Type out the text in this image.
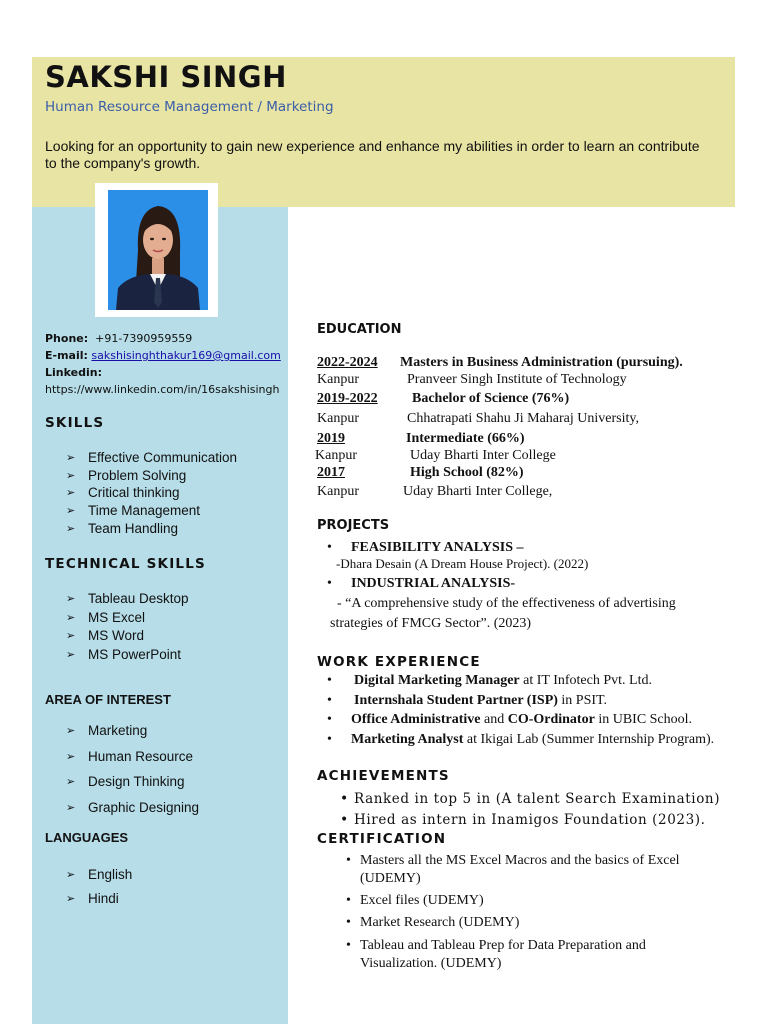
SAKSHI SINGH
Human Resource Management / Marketing
Looking for an opportunity to gain new experience and enhance my abilities in order to learn an contribute to the company's growth.
Phone: +91-7390959559
E-mail: sakshisinghthakur169@gmail.com
Linkedin:
https://www.linkedin.com/in/16sakshisingh
SKILLS
➢ Effective Communication
➢ Problem Solving
➢ Critical thinking
➢ Time Management
➢ Team Handling
TECHNICAL SKILLS
➢ Tableau Desktop
➢ MS Excel
➢ MS Word
➢ MS PowerPoint
AREA OF INTEREST
➢ Marketing
➢ Human Resource
➢ Design Thinking
➢ Graphic Designing
LANGUAGES
➢ English
➢ Hindi
EDUCATION
2022-2024 Masters in Business Administration (pursuing).
Kanpur	Pranveer Singh Institute of Technology
2019-2022 Bachelor of Science (76%)
Kanpur	Chhatrapati Shahu Ji Maharaj University,
2019	Intermediate (66%)
Kanpur	Uday Bharti Inter College
2017	High School (82%)
Kanpur	Uday Bharti Inter College,
PROJECTS
• FEASIBILITY ANALYSIS –
-Dhara Desain (A Dream House Project). (2022)
• INDUSTRIAL ANALYSIS-
- “A comprehensive study of the effectiveness of advertising
strategies of FMCG Sector”. (2023)
WORK EXPERIENCE
• Digital Marketing Manager at IT Infotech Pvt. Ltd.
• Internshala Student Partner (ISP) in PSIT.
• Office Administrative and CO-Ordinator in UBIC School.
• Marketing Analyst at Ikigai Lab (Summer Internship Program).
ACHIEVEMENTS
• Ranked in top 5 in (A talent Search Examination)
• Hired as intern in Inamigos Foundation (2023).
CERTIFICATION
• Masters all the MS Excel Macros and the basics of Excel
(UDEMY)
• Excel files (UDEMY)
• Market Research (UDEMY)
• Tableau and Tableau Prep for Data Preparation and
Visualization. (UDEMY)
